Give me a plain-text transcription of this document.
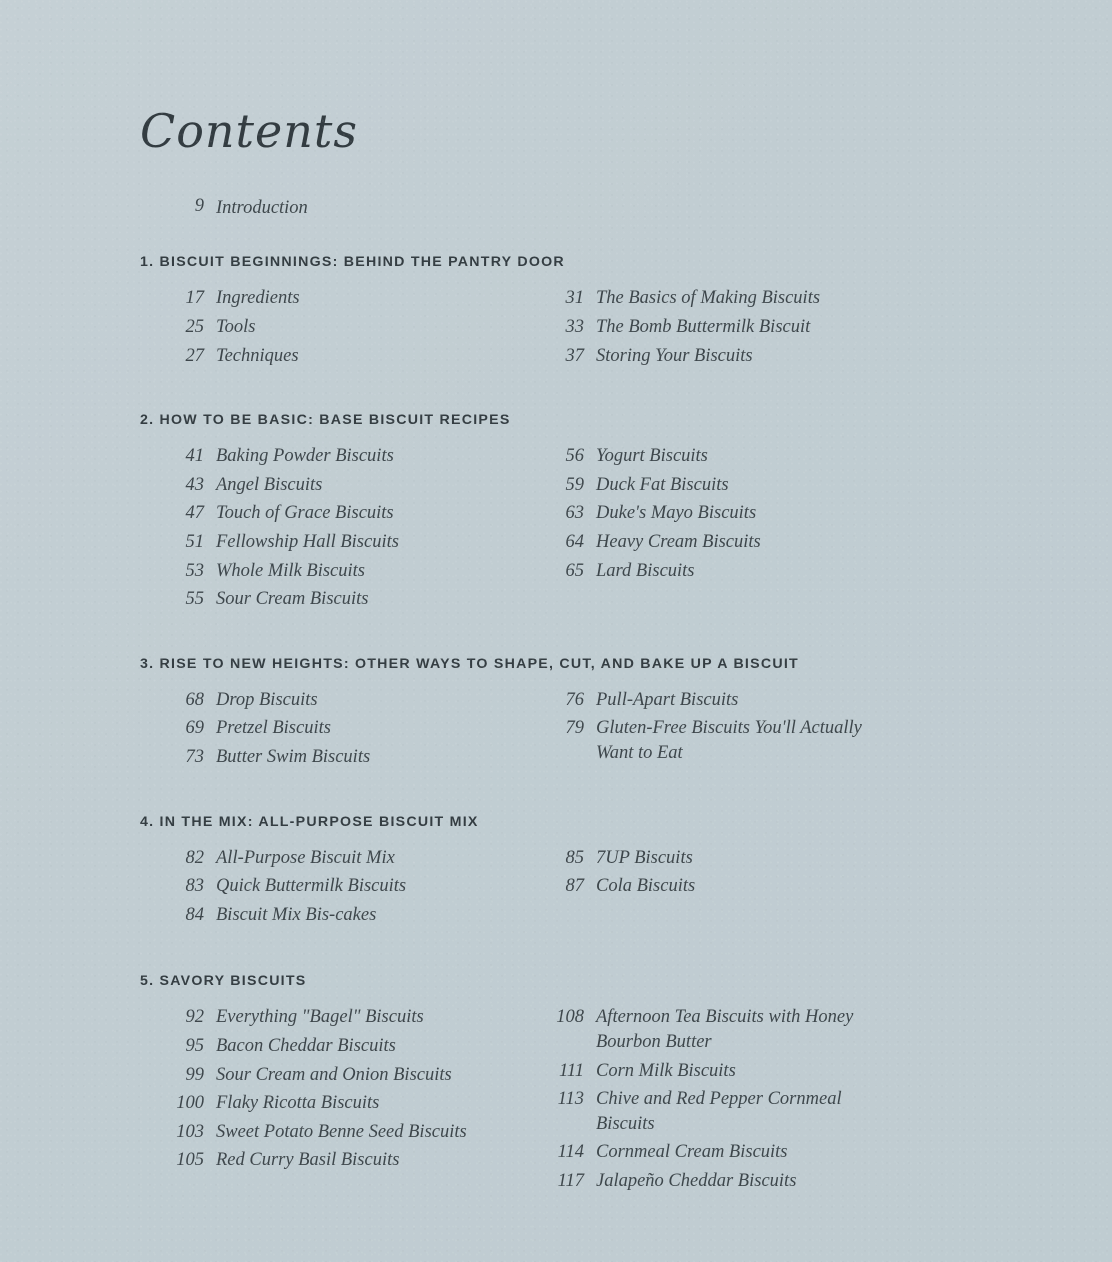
Contents
9 Introduction
1. BISCUIT BEGINNINGS: BEHIND THE PANTRY DOOR
17 Ingredients
25 Tools
27 Techniques
31 The Basics of Making Biscuits
33 The Bomb Buttermilk Biscuit
37 Storing Your Biscuits
2. HOW TO BE BASIC: BASE BISCUIT RECIPES
41 Baking Powder Biscuits
43 Angel Biscuits
47 Touch of Grace Biscuits
51 Fellowship Hall Biscuits
53 Whole Milk Biscuits
55 Sour Cream Biscuits
56 Yogurt Biscuits
59 Duck Fat Biscuits
63 Duke's Mayo Biscuits
64 Heavy Cream Biscuits
65 Lard Biscuits
3. RISE TO NEW HEIGHTS: OTHER WAYS TO SHAPE, CUT, AND BAKE UP A BISCUIT
68 Drop Biscuits
69 Pretzel Biscuits
73 Butter Swim Biscuits
76 Pull-Apart Biscuits
79 Gluten-Free Biscuits You'll Actually Want to Eat
4. IN THE MIX: ALL-PURPOSE BISCUIT MIX
82 All-Purpose Biscuit Mix
83 Quick Buttermilk Biscuits
84 Biscuit Mix Bis-cakes
85 7UP Biscuits
87 Cola Biscuits
5. SAVORY BISCUITS
92 Everything "Bagel" Biscuits
95 Bacon Cheddar Biscuits
99 Sour Cream and Onion Biscuits
100 Flaky Ricotta Biscuits
103 Sweet Potato Benne Seed Biscuits
105 Red Curry Basil Biscuits
108 Afternoon Tea Biscuits with Honey Bourbon Butter
111 Corn Milk Biscuits
113 Chive and Red Pepper Cornmeal Biscuits
114 Cornmeal Cream Biscuits
117 Jalapeño Cheddar Biscuits
